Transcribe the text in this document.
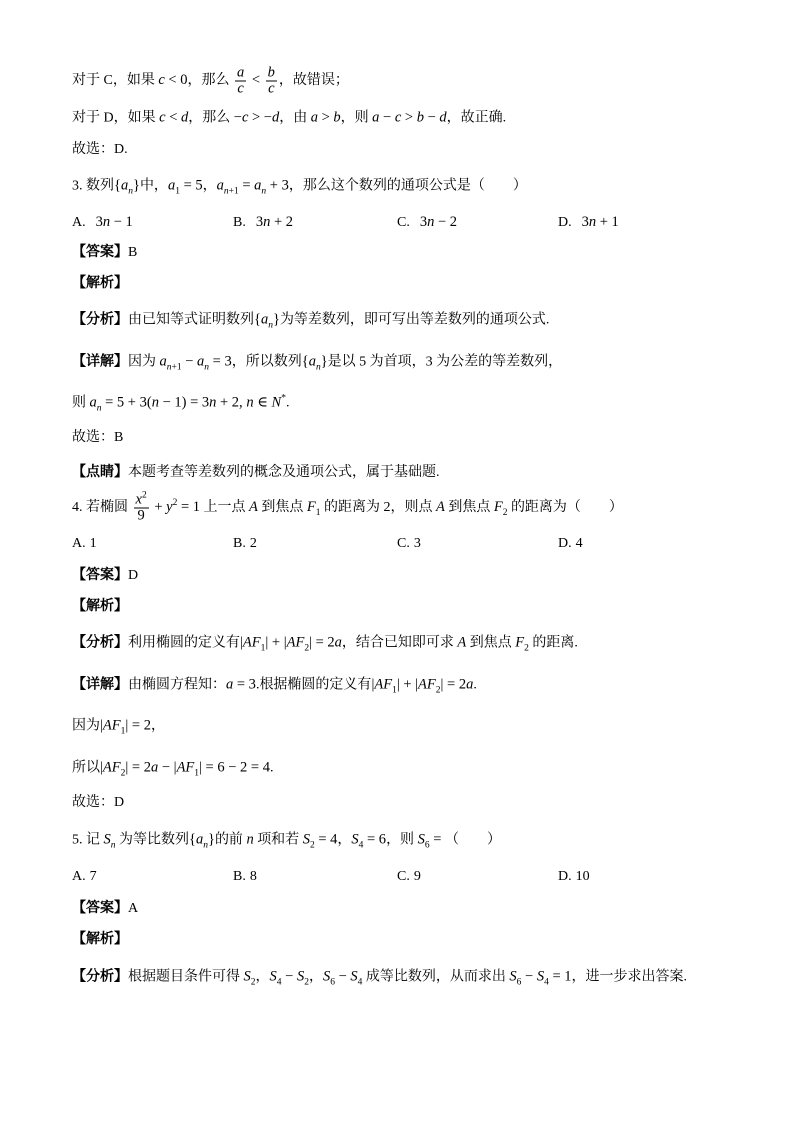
对于 C，如果 c < 0，那么 $\frac{a}{c} < \frac{b}{c}$ ，故错误；
对于 D，如果 c < d，那么 −c > −d，由 a > b，则 a − c > b − d，故正确.
故选：D.
3. 数列$\{a_n\}$中，$a_1 = 5$，$a_{n+1} = a_n + 3$，那么这个数列的通项公式是（　　）
A. 3n − 1	B. 3n + 2	C. 3n − 2	D. 3n + 1
【答案】B
【解析】
【分析】由已知等式证明数列$\{a_n\}$为等差数列，即可写出等差数列的通项公式.
【详解】因为 $a_{n+1} - a_n = 3$，所以数列$\{a_n\}$是以 5 为首项，3 为公差的等差数列，
则 $a_n = 5 + 3(n - 1) = 3n + 2$, n ∈ N*.
故选：B
【点睛】本题考查等差数列的概念及通项公式，属于基础题.
4. 若椭圆 $\frac{x^2}{9} + y^2 = 1$ 上一点 A 到焦点 $F_1$ 的距离为 2，则点 A 到焦点 $F_2$ 的距离为（　　）
A. 1	B. 2	C. 3	D. 4
【答案】D
【解析】
【分析】利用椭圆的定义有$|AF_1| + |AF_2| = 2a$，结合已知即可求 A 到焦点 $F_2$ 的距离.
【详解】由椭圆方程知：a = 3.根据椭圆的定义有$|AF_1| + |AF_2| = 2a$.
因为$|AF_1| = 2$，
所以$|AF_2| = 2a - |AF_1| = 6 - 2 = 4$.
故选：D
5. 记 $S_n$ 为等比数列$\{a_n\}$的前 n 项和若 $S_2 = 4$，$S_4 = 6$，则 $S_6$ = （　　）
A. 7	B. 8	C. 9	D. 10
【答案】A
【解析】
【分析】根据题目条件可得 $S_2$，$S_4 - S_2$，$S_6 - S_4$ 成等比数列，从而求出 $S_6 - S_4 = 1$，进一步求出答案.
